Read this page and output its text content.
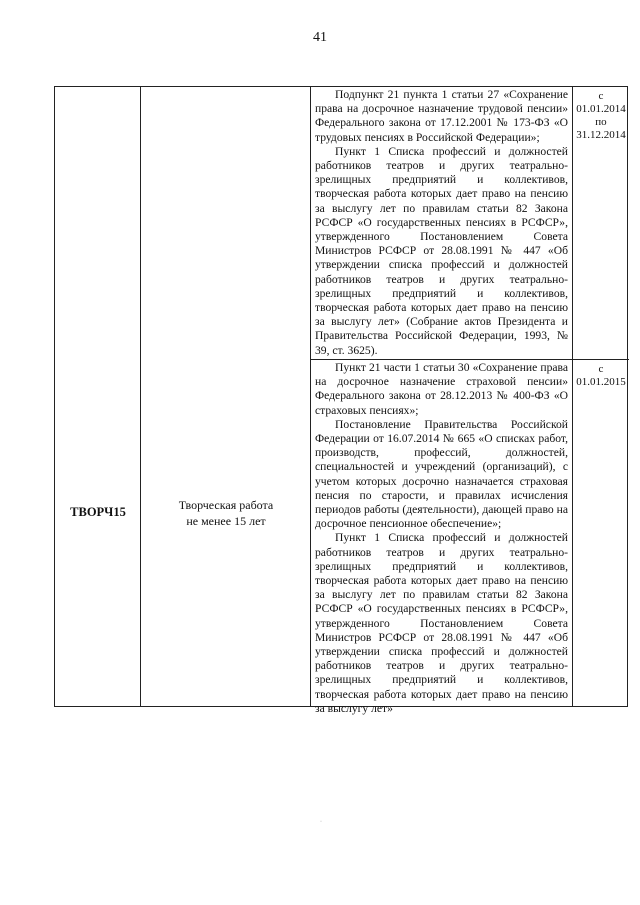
41
ТВОРЧ15	Творческая работа
не менее 15 лет

Подпункт 21 пункта 1 статьи 27 «Сохранение права на досрочное назначение трудовой пенсии» Федерального закона от 17.12.2001 № 173-ФЗ «О трудовых пенсиях в Российской Федерации»;

Пункт 1 Списка профессий и должностей работников театров и других театрально-зрелищных предприятий и коллективов, творческая работа которых дает право на пенсию за выслугу лет по правилам статьи 82 Закона РСФСР «О государственных пенсиях в РСФСР», утвержденного Постановлением Совета Министров РСФСР от 28.08.1991 № 447 «Об утверждении списка профессий и должностей работников театров и других театрально-зрелищных предприятий и коллективов, творческая работа которых дает право на пенсию за выслугу лет» (Собрание актов Президента и Правительства Российской Федерации, 1993, № 39, ст. 3625).

Пункт 21 части 1 статьи 30 «Сохранение права на досрочное назначение страховой пенсии» Федерального закона от 28.12.2013 № 400-ФЗ «О страховых пенсиях»;

Постановление Правительства Российской Федерации от 16.07.2014 № 665 «О списках работ, производств, профессий, должностей, специальностей и учреждений (организаций), с учетом которых досрочно назначается страховая пенсия по старости, и правилах исчисления периодов работы (деятельности), дающей право на досрочное пенсионное обеспечение»;

Пункт 1 Списка профессий и должностей работников театров и других театрально-зрелищных предприятий и коллективов, творческая работа которых дает право на пенсию за выслугу лет по правилам статьи 82 Закона РСФСР «О государственных пенсиях в РСФСР», утвержденного Постановлением Совета Министров РСФСР от 28.08.1991 № 447 «Об утверждении списка профессий и должностей работников театров и других театрально-зрелищных предприятий и коллективов, творческая работа которых дает право на пенсию за выслугу лет»

с 01.01.2014
по 31.12.2014
с 01.01.2015
·
